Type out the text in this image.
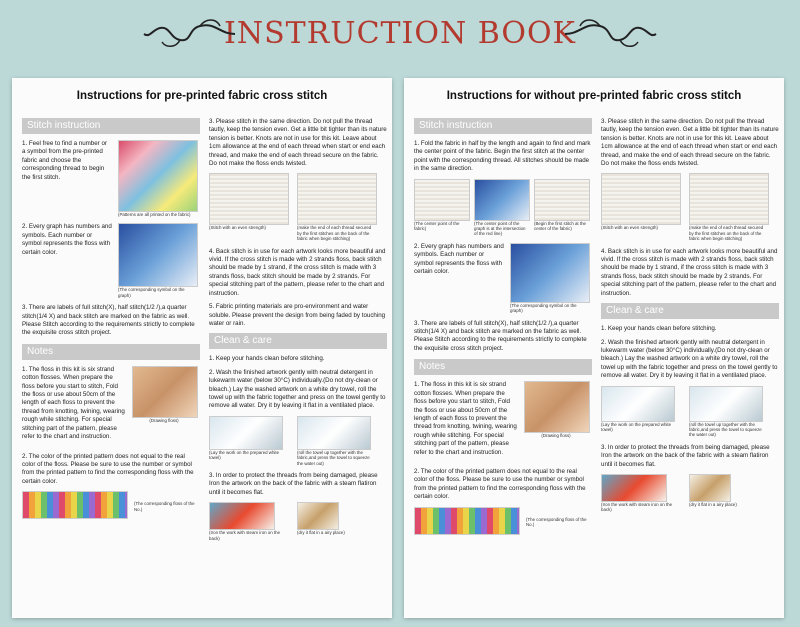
INSTRUCTION BOOK
Instructions for pre-printed fabric cross stitch
Stitch instruction
1. Feel free to find a number or a symbol from the pre-printed fabric and choose the corresponding thread to begin the first stitch.
(Patterns are all printed on the fabric)
2. Every graph has numbers and symbols. Each number or symbol represents the floss with certain color.
(The corresponding symbol on the graph)
3. There are labels of full stitch(X), half stitch(1/2 /),a quarter stitch(1/4 X) and back stitch are marked on the fabric as well. Please Stitch according to the requirements strictly to complete the exquisite cross stitch project.
Notes
1. The floss in this kit is six strand cotton flosses. When prepare the floss before you start to stitch, Fold the floss or use about 50cm of the length of each floss to prevent the thread from knotting, twining, wearing rough while stitching. For special stitching part of the pattern, please refer to the chart and instruction.
(Drawing floss)
2. The color of the printed pattern does not equal to the real color of the floss. Please be sure to use the number or symbol from the printed pattern to find the corresponding floss with the certain color.
(The corresponding floss of the No.)
3. Please stitch in the same direction. Do not pull the thread tautly, keep the tension even. Get a little bit tighter than its nature tension is better. Knots are not in use for this kit. Leave about 1cm allowance at the end of each thread when start or end each thread, and make the end of each thread secure on the fabric. Do not make the floss ends twisted.
(Stitch with an even strength)	(make the end of each thread secured by the first stitches on the back of the fabric when begin stitching)
4. Back stitch is in use for each artwork looks more beautiful and vivid. If the cross stitch is made with 2 strands floss, back stitch should be made by 1 strand, if the cross stitch is made with 3 strands floss, back stitch should be made by 2 strands. For special stitching part of the pattern, please refer to the chart and instruction.
5. Fabric printing materials are pro-environment and water soluble. Please prevent the design from being faded by touching water or rain.
Clean & care
1. Keep your hands clean before stitching.
2. Wash the finished artwork gently with neutral detergent in lukewarm water (below 30°C) individually.(Do not dry-clean or bleach.) Lay the washed artwork on a white dry towel, roll the towel up with the fabric together and press on the towel gently to remove all water. Dry it by leaving it flat in a ventilated place.
(Lay the work on the prepared white towel)
(roll the towel up together with the fabric,and press the towel to squeeze the water out)
3. In order to protect the threads from being damaged, please Iron the artwork on the back of the fabric with a steam flatiron until it becomes flat.
(Iron the work with steam iron on the back)
(dry it flat in a airy place)
Instructions for without pre-printed fabric cross stitch
Stitch instruction
1. Fold the fabric in half by the length and again to find and mark the center point of the fabric. Begin the first stitch at the center point with the corresponding thread. All stitches should be made in the same direction.
(The center point of the fabric)
(The center point of the graph is at the intersection of the red line)
(Begin the first stitch at the center of the fabric)
2. Every graph has numbers and symbols. Each number or symbol represents the floss with certain color.
(The corresponding symbol on the graph)
3. There are labels of full stitch(X), half stitch(1/2 /),a quarter stitch(1/4 X) and back stitch are marked on the fabric as well. Please Stitch according to the requirements strictly to complete the exquisite cross stitch project.
Notes
1. The floss in this kit is six strand cotton flosses. When prepare the floss before you start to stitch, Fold the floss or use about 50cm of the length of each floss to prevent the thread from knotting, twining, wearing rough while stitching. For special stitching part of the pattern, please refer to the chart and instruction.
(Drawing floss)
2. The color of the printed pattern does not equal to the real color of the floss. Please be sure to use the number or symbol from the printed pattern to find the corresponding floss with the certain color.
(The corresponding floss of the No.)
3. Please stitch in the same direction. Do not pull the thread tautly, keep the tension even. Get a little bit tighter than its nature tension is better. Knots are not in use for this kit. Leave about 1cm allowance at the end of each thread when start or end each thread, and make the end of each thread secure on the fabric. Do not make the floss ends twisted.
(Stitch with an even strength)	(make the end of each thread secured by the first stitches on the back of the fabric when begin stitching)
4. Back stitch is in use for each artwork looks more beautiful and vivid. If the cross stitch is made with 2 strands floss, back stitch should be made by 1 strand, if the cross stitch is made with 3 strands floss, back stitch should be made by 2 strands. For special stitching part of the pattern, please refer to the chart and instruction.
Clean & care
1. Keep your hands clean before stitching.
2. Wash the finished artwork gently with neutral detergent in lukewarm water (below 30°C) individually.(Do not dry-clean or bleach.) Lay the washed artwork on a white dry towel, roll the towel up with the fabric together and press on the towel gently to remove all water. Dry it by leaving it flat in a ventilated place.
(Lay the work on the prepared white towel)
(roll the towel up together with the fabric,and press the towel to squeeze the water out)
3. In order to protect the threads from being damaged, please Iron the artwork on the back of the fabric with a steam flatiron until it becomes flat.
(Iron the work with steam iron on the back)
(dry it flat in a airy place)
